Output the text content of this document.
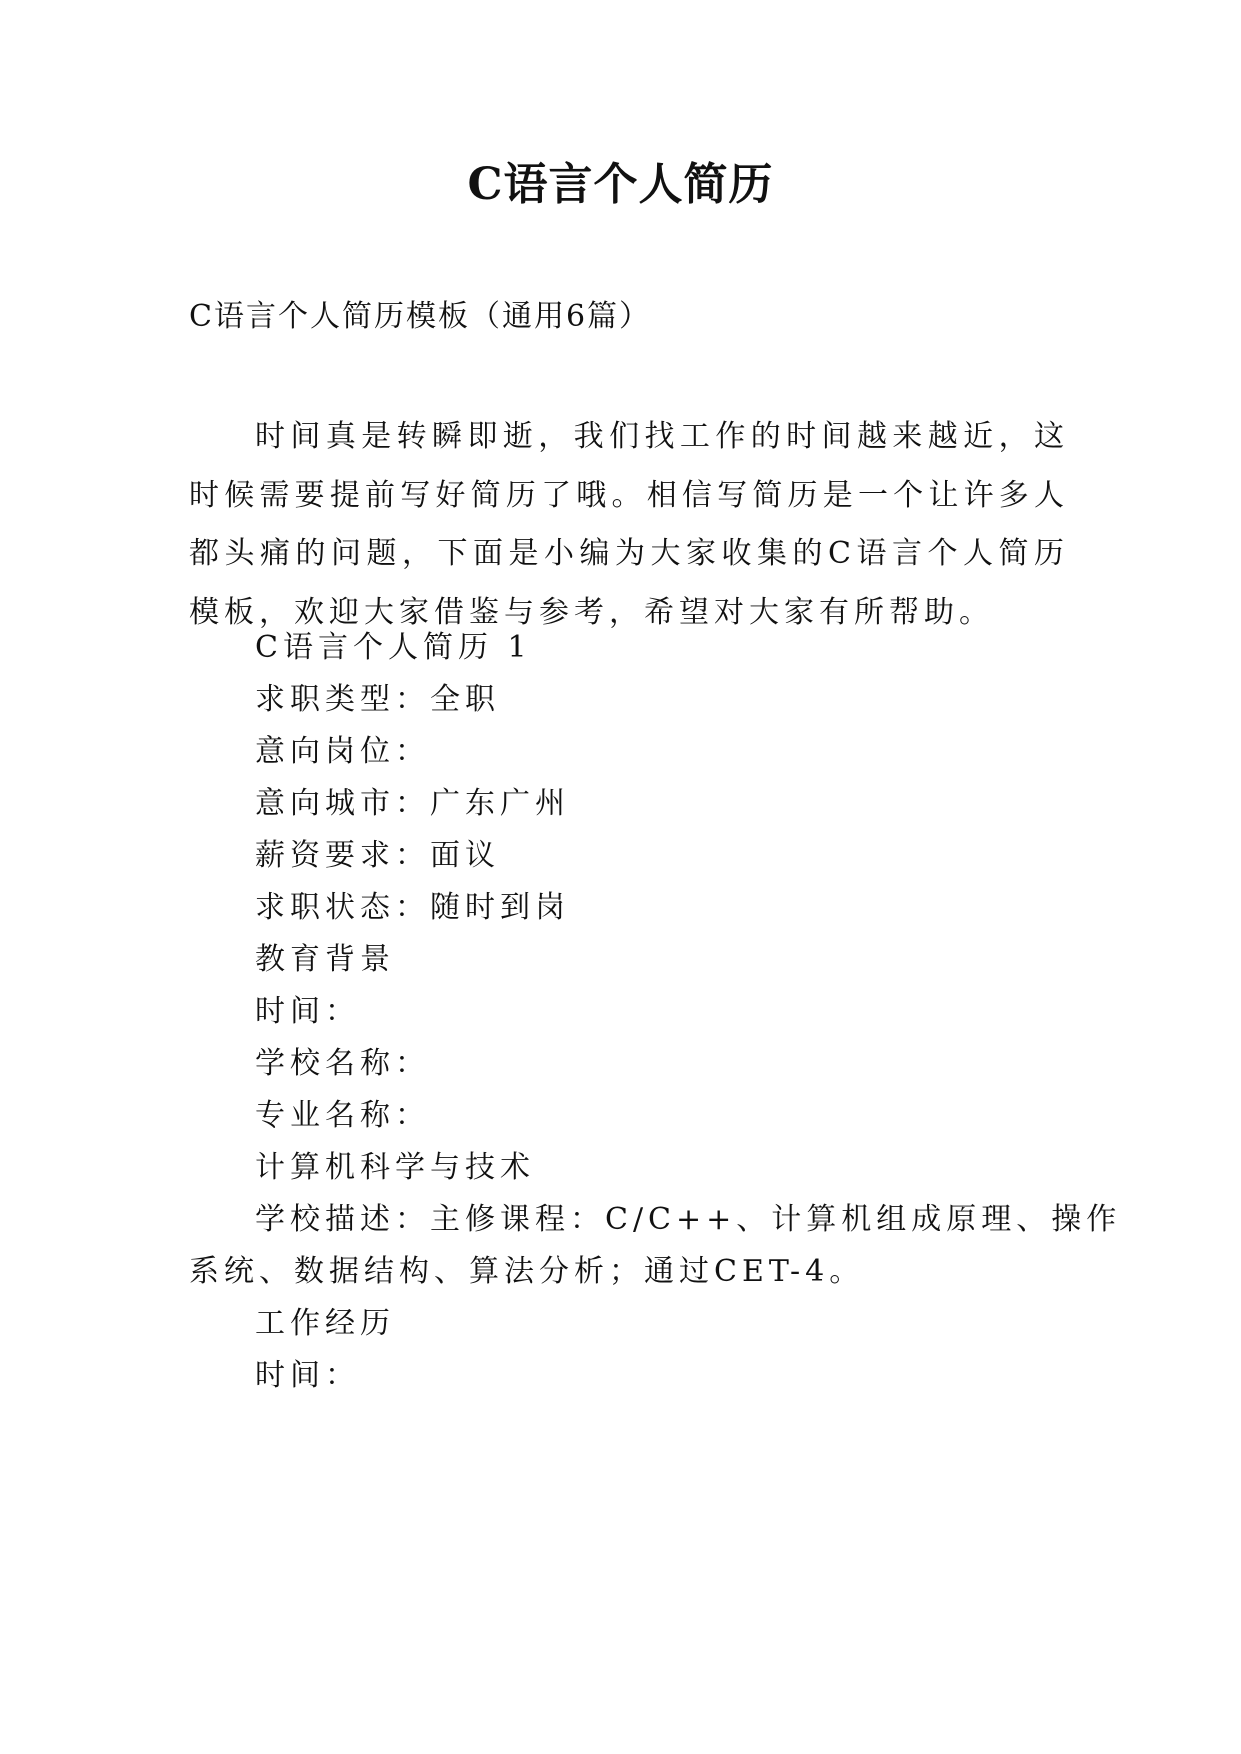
C语言个人简历
C语言个人简历模板（通用6篇）

时间真是转瞬即逝，我们找工作的时间越来越近，这时候需要提前写好简历了哦。相信写简历是一个让许多人都头痛的问题，下面是小编为大家收集的C语言个人简历模板，欢迎大家借鉴与参考，希望对大家有所帮助。

C语言个人简历 1
求职类型：全职
意向岗位：
意向城市：广东广州
薪资要求：面议
求职状态：随时到岗
教育背景
时间：
学校名称：
专业名称：
计算机科学与技术
学校描述：主修课程：C/C++、计算机组成原理、操作
系统、数据结构、算法分析；通过CET-4。
工作经历
时间：
